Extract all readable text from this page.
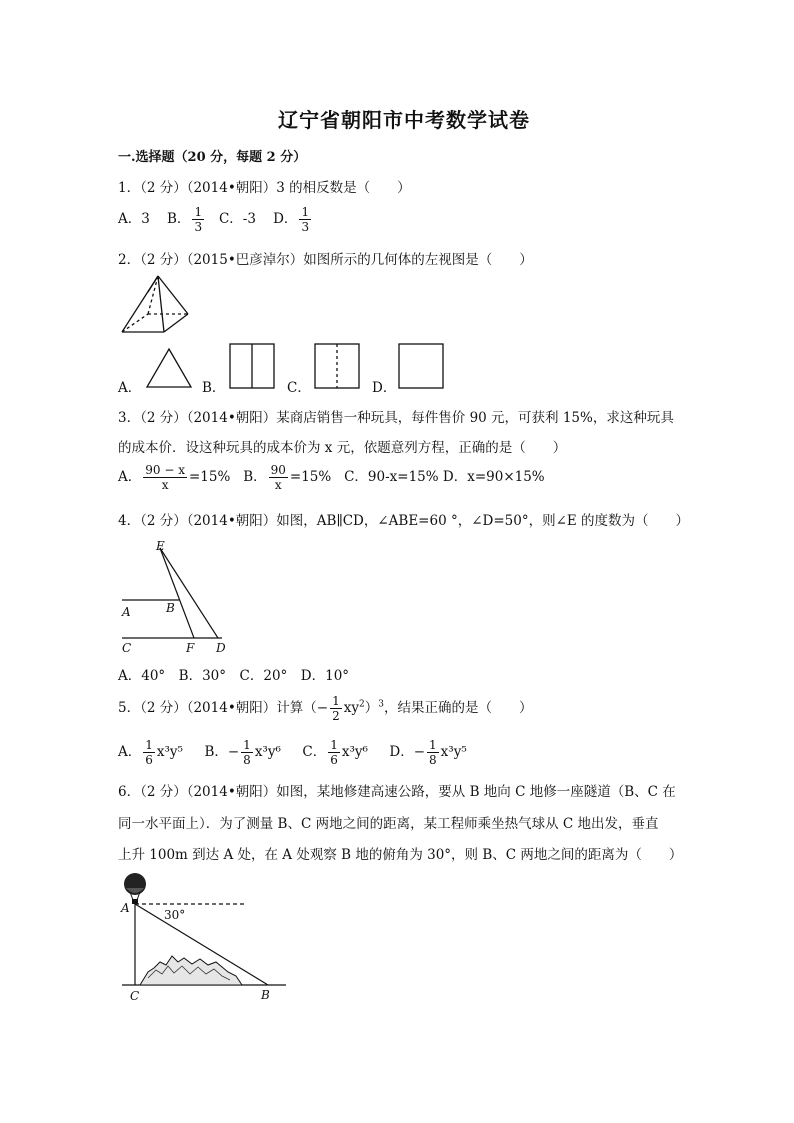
辽宁省朝阳市中考数学试卷
一.选择题（20 分，每题 2 分）
1．（2 分）（2014•朝阳）3 的相反数是（　　）
A．3 B． $\frac{1}{3}$ C．-3 D． $\frac{1}{3}$
2．（2 分）（2015•巴彦淖尔）如图所示的几何体的左视图是（　　）
A．	B．	C．	D．
3．（2 分）（2014•朝阳）某商店销售一种玩具，每件售价 90 元，可获利 15%，求这种玩具
的成本价．设这种玩具的成本价为 x 元，依题意列方程，正确的是（　　）
A． $\frac{90 - x}{x} =15\%$ B． $\frac{90}{x} =15\%$ C．90-x=15% D．x=90×15%
4．（2 分）（2014•朝阳）如图，AB∥CD，∠ABE=60 °，∠D=50°，则∠E 的度数为（　　）
E
A	B
C	F D
A．40°　B．30°　C．20°　D．10°
5．（2 分）（2014•朝阳）计算（− $\frac{1}{2} xy^2)^3$，结果正确的是（　　）
A． $\frac{1}{6} x^3y^5$ B．− $\frac{1}{8} x^3y^6$ C． $\frac{1}{6} x^3y^6$ D．− $\frac{1}{8} x^3y^5$
6．（2 分）（2014•朝阳）如图，某地修建高速公路，要从 B 地向 C 地修一座隧道（B、C 在
同一水平面上）．为了测量 B、C 两地之间的距离，某工程师乘坐热气球从 C 地出发，垂直
上升 100m 到达 A 处，在 A 处观察 B 地的俯角为 30°，则 B、C 两地之间的距离为（　　）
A
C	B
30°
